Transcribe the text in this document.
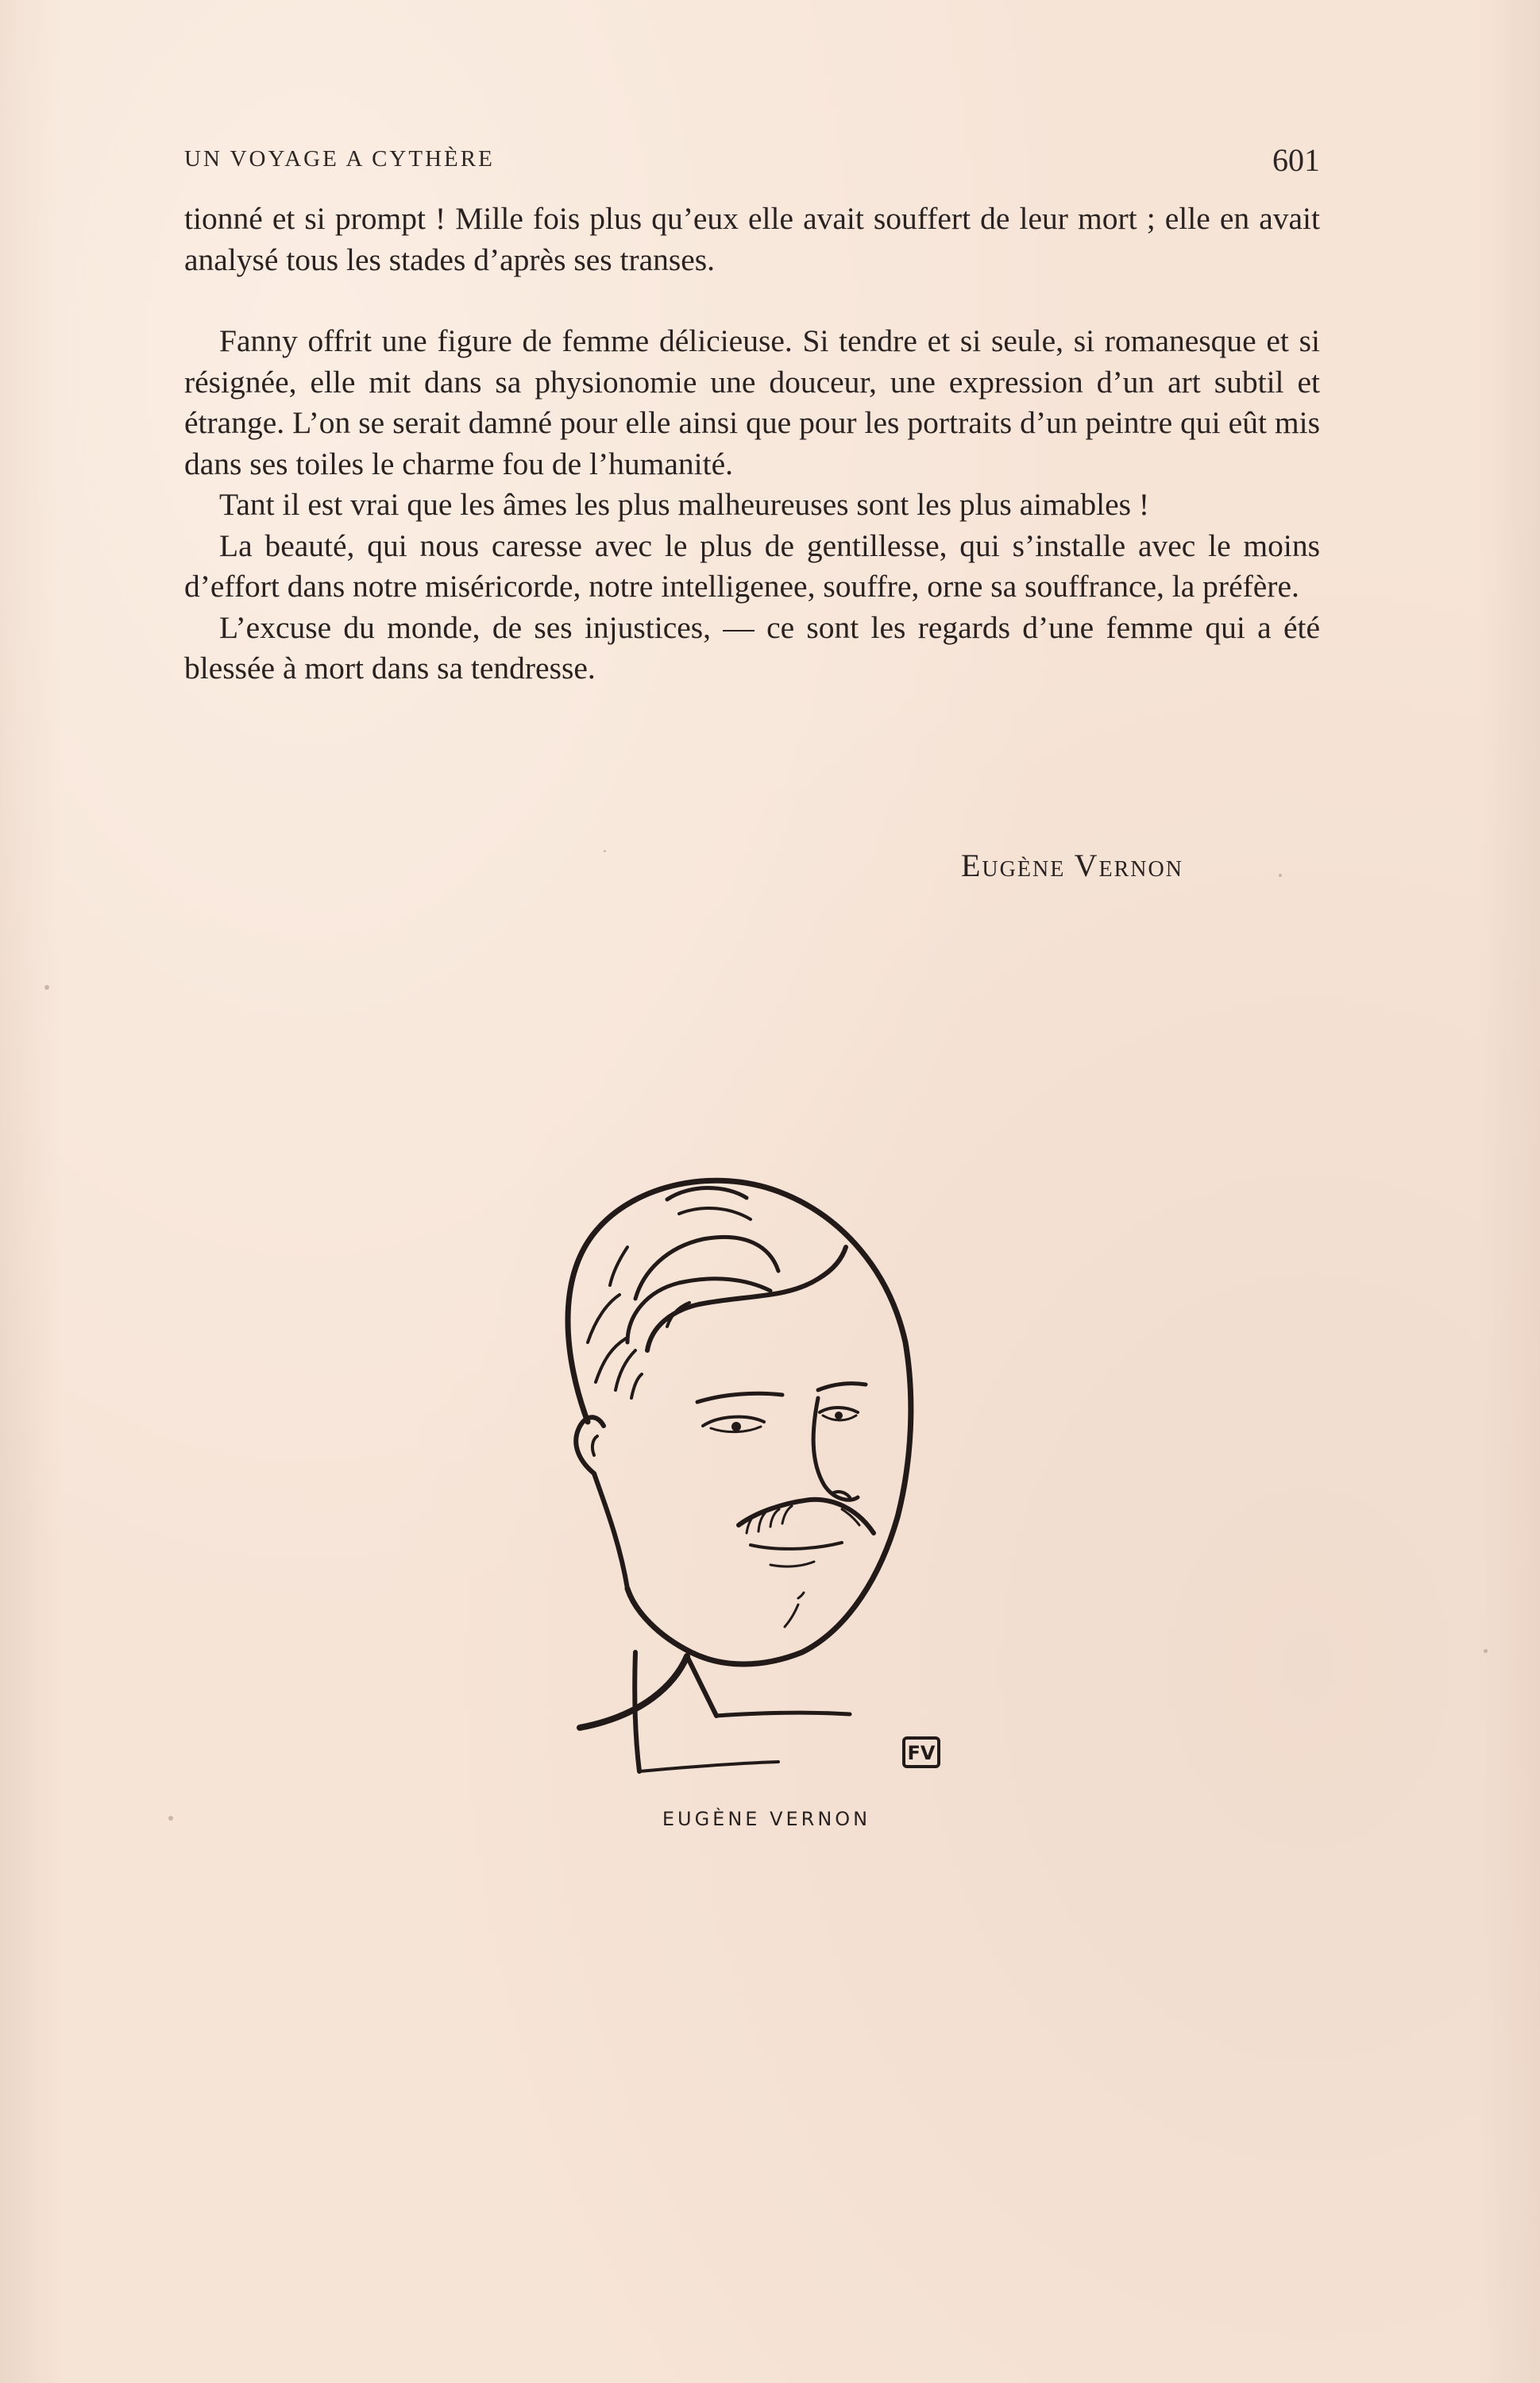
UN VOYAGE A CYTHÈRE	601

tionné et si prompt ! Mille fois plus qu’eux elle avait souffert de leur mort ; elle en avait analysé tous les stades d’après ses transes.

Fanny offrit une figure de femme délicieuse. Si tendre et si seule, si romanesque et si résignée, elle mit dans sa physionomie une douceur, une expression d’un art subtil et étrange. L’on se serait damné pour elle ainsi que pour les portraits d’un peintre qui eût mis dans ses toiles le charme fou de l’humanité.

Tant il est vrai que les âmes les plus malheureuses sont les plus aimables !

La beauté, qui nous caresse avec le plus de gentillesse, qui s’installe avec le moins d’effort dans notre miséricorde, notre intelligenee, souffre, orne sa souffrance, la préfère.

L’excuse du monde, de ses injustices, — ce sont les regards d’une femme qui a été blessée à mort dans sa tendresse.

Eugène Vernon
FV
EUGÈNE VERNON
